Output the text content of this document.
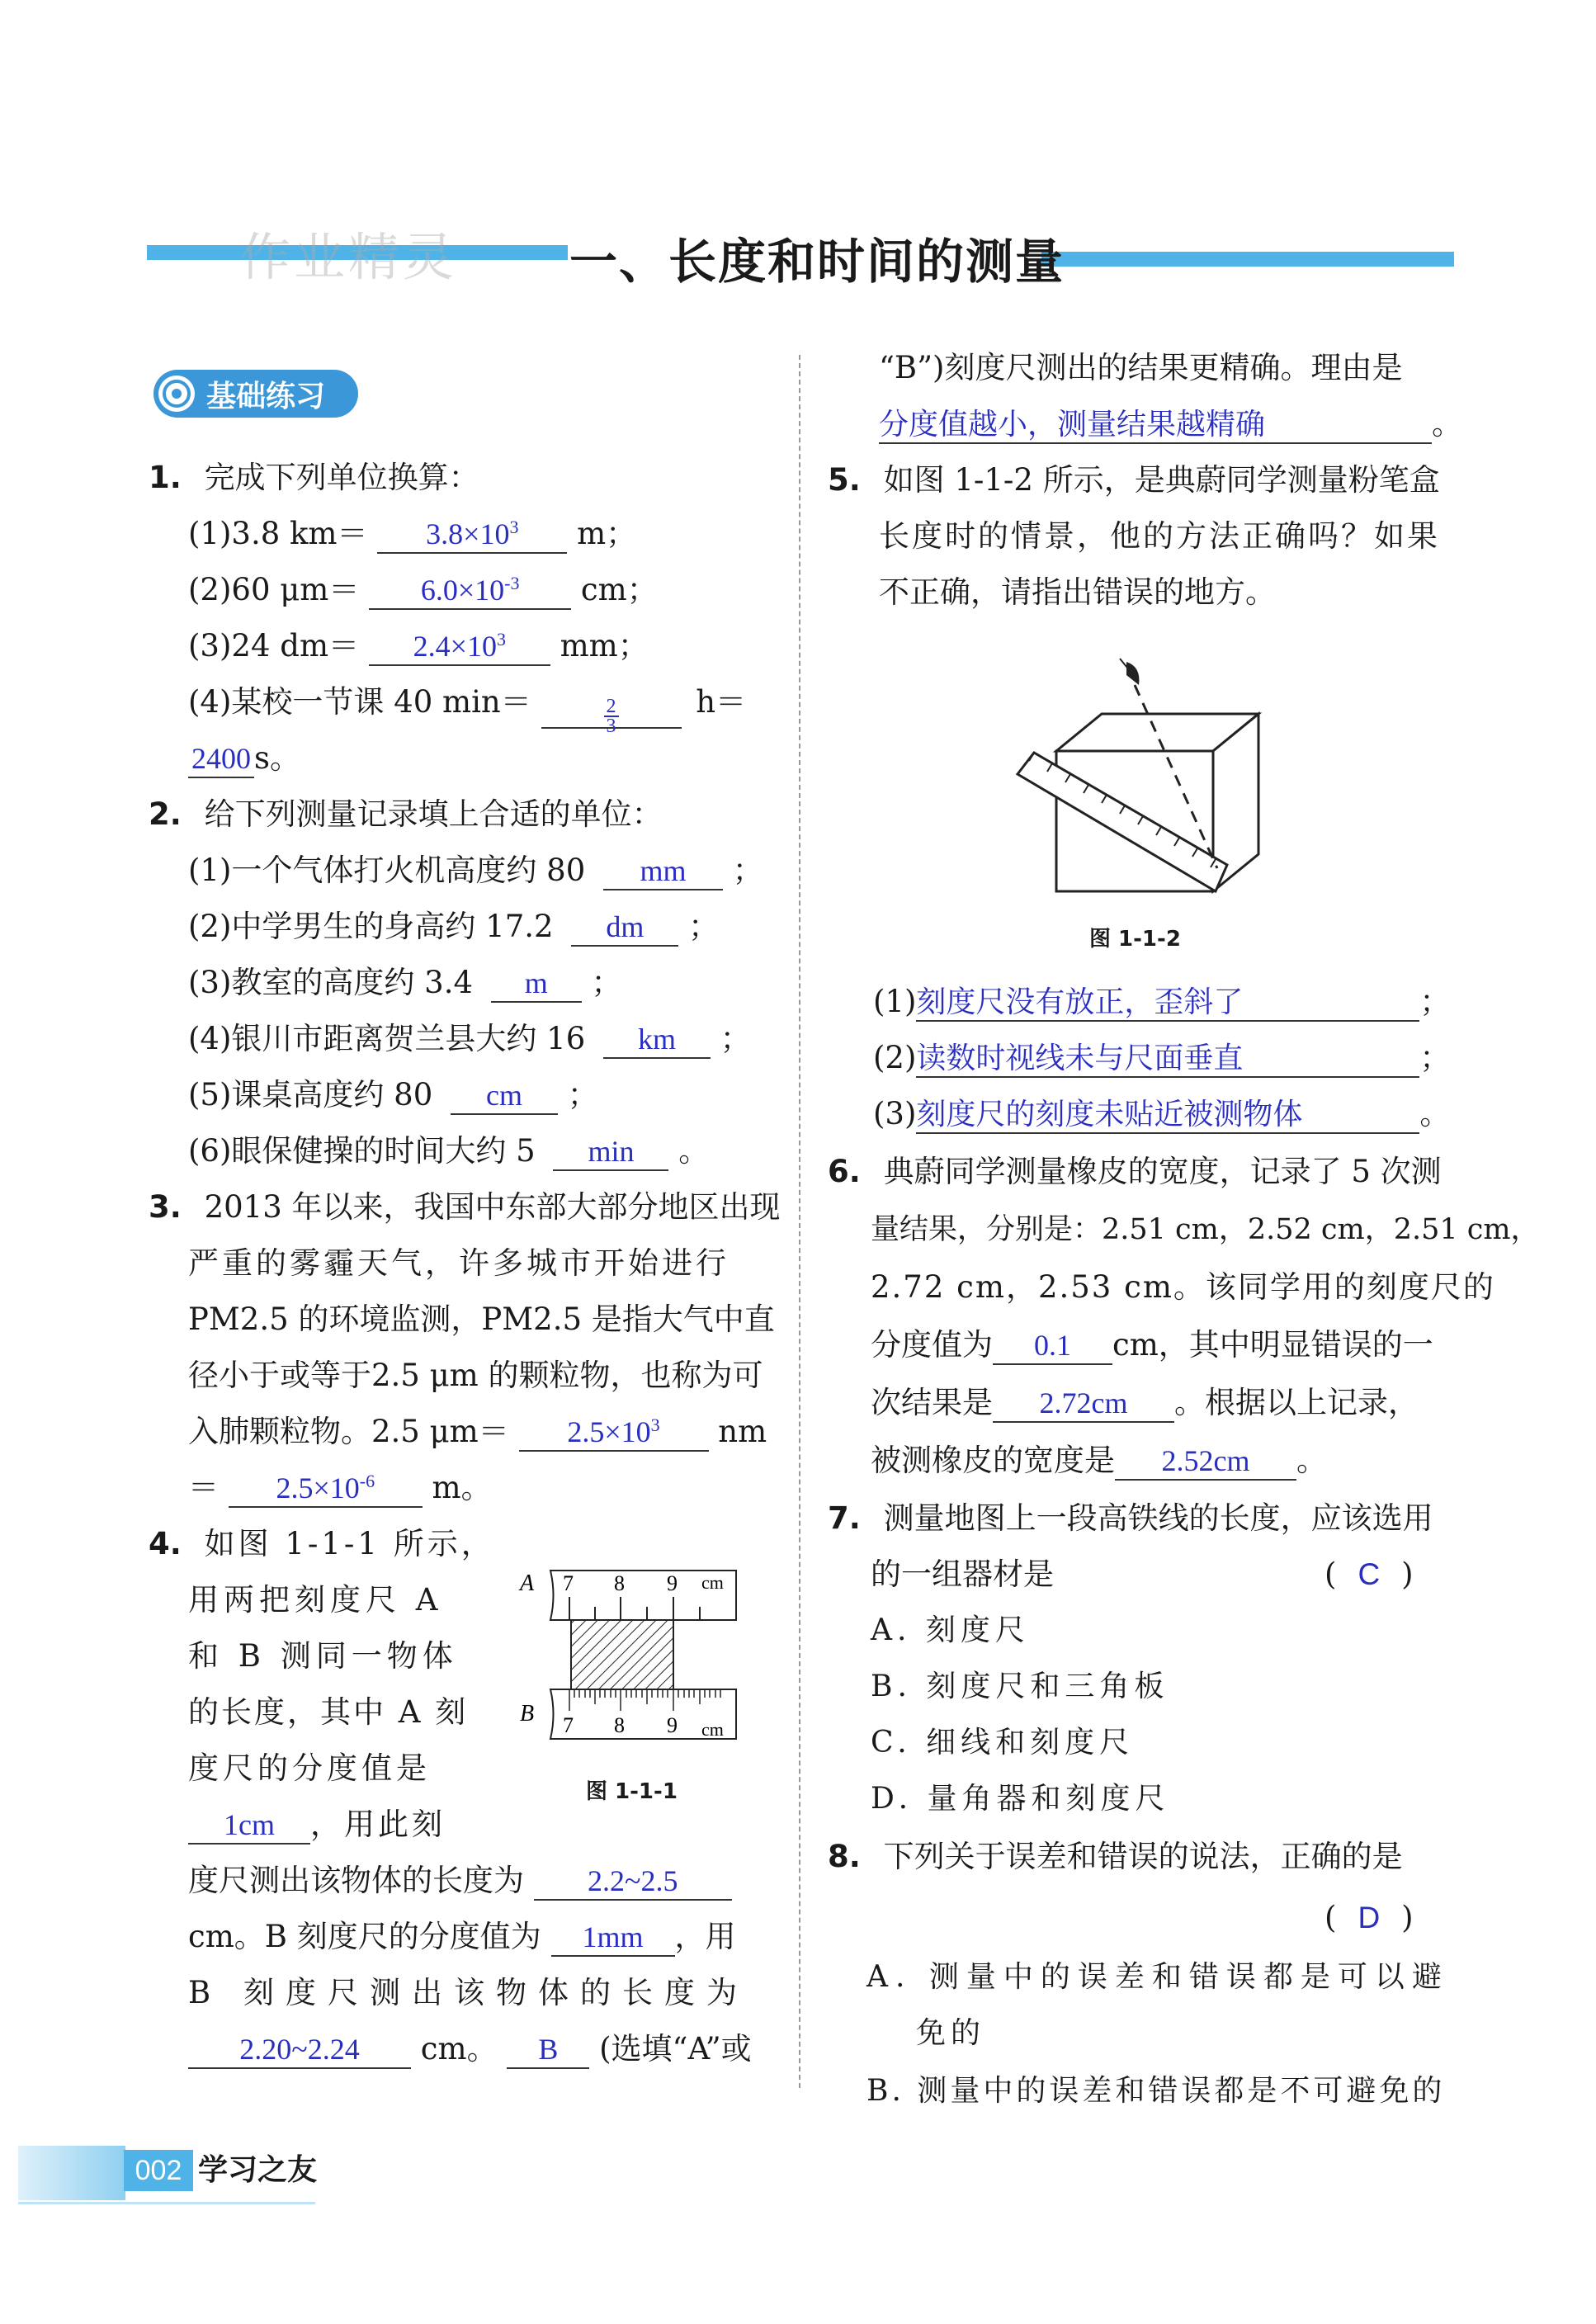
作业精灵 一、长度和时间的测量
基础练习
1. 完成下列单位换算：
(1)3.8 $km= 3.8\times 10^3$ m；
(2)60 $\mu m= 6.0\times 10^{-3}$ cm；
(3)24 $dm= 2.4\times 10^3$ mm；
(4)某校一节课 40 min＝	$\frac{2}{3}$	h＝
2400 s。
2. 给下列测量记录填上合适的单位：
(1)一个气体打火机高度约 80 mm ；
(2)中学男生的身高约 17.2 dm ；
(3)教室的高度约 3.4 m ；
(4)银川市距离贺兰县大约 16 km ；
(5)课桌高度约 80 cm ；
(6)眼保健操的时间大约 5 min 。
3. 2013 年以来，我国中东部大部分地区出现
严重的雾霾天气，许多城市开始进行
PM2.5 的环境监测，PM2.5 是指大气中直
径小于或等于2.5 μm 的颗粒物，也称为可
入肺颗粒物。2.5 $\mu m= 2.5\times 10^3$ nm
＝ $2.5\times 10^{-6}$ m。
4. 如图 1-1-1 所示，
用两把刻度尺 A
和 B 测同一物体
的长度，其中 A 刻
度尺的分度值是
1cm ，用此刻
度尺测出该物体的长度为 2.2~2.5
cm。B 刻度尺的分度值为 1mm ，用
B 刻度尺测出该物体的长度为
2.20~2.24 cm。 B (选填“A”或
A
B
7 8 9 cm
7 8 9 cm
图 1-1-1
“B”)刻度尺测出的结果更精确。理由是
分度值越小，测量结果越精确	。
5. 如图 1-1-2 所示，是典蔚同学测量粉笔盒
长度时的情景，他的方法正确吗？如果
不正确，请指出错误的地方。
图 1-1-2
(1)刻度尺没有放正，歪斜了	；
(2)读数时视线未与尺面垂直	；
(3)刻度尺的刻度未贴近被测物体	。
6. 典蔚同学测量橡皮的宽度，记录了 5 次测
量结果，分别是：2.51 cm，2.52 cm，2.51 cm，
2.72 cm，2.53 cm。该同学用的刻度尺的
分度值为 0.1 cm，其中明显错误的一
次结果是 2.72cm 。根据以上记录，
被测橡皮的宽度是 2.52cm 。
7. 测量地图上一段高铁线的长度，应该选用
的一组器材是	( C )
A. 刻度尺
B. 刻度尺和三角板
C. 细线和刻度尺
D. 量角器和刻度尺
8. 下列关于误差和错误的说法，正确的是
( D )
A. 测量中的误差和错误都是可以避
免的
B. 测量中的误差和错误都是不可避免的
002 学习之友
